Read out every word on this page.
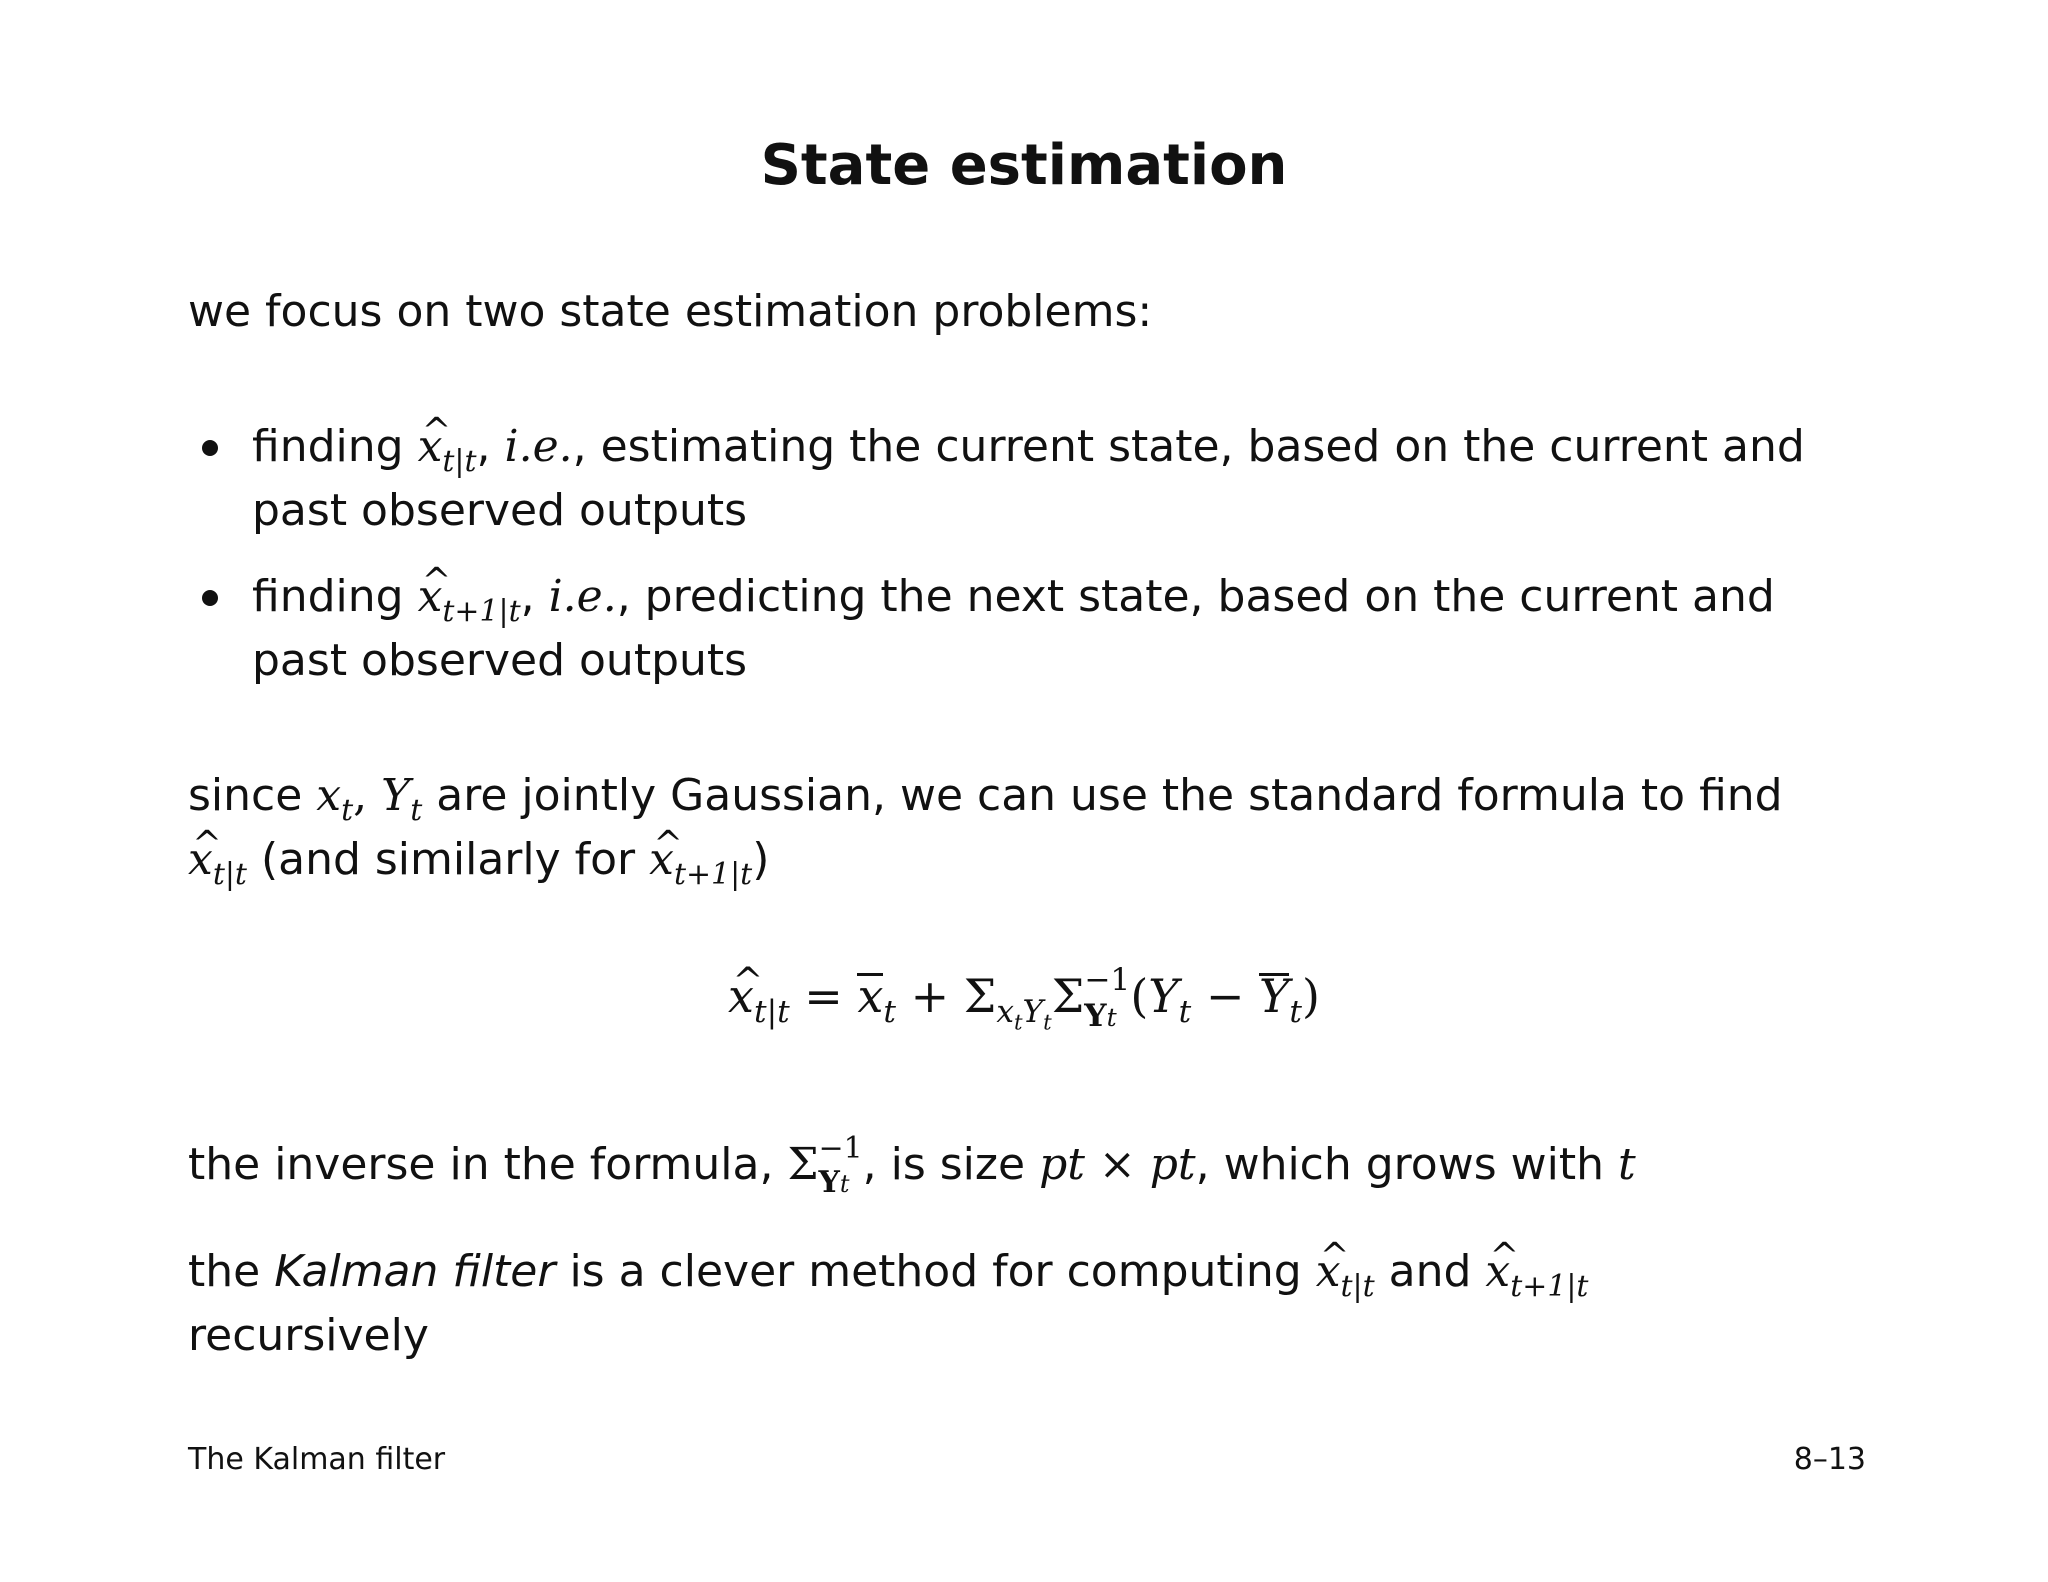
State estimation

we focus on two state estimation problems:

finding ^ $x_{t|t}$, i.e., estimating the current state, based on the current and
past observed outputs
finding ^ $x_{t+1|t}$, i.e., predicting the next state, based on the current and
past observed outputs
since $x_t$, $Y_t$ are jointly Gaussian, we can use the standard formula to find
^ $x_{t|t}$ (and similarly for ^ $x_{t+1|t}$)
^ $x_{t|t} = x_t + \Sigma_{x_tY_t}\Sigma -1$
Yt $(Y_t - Y_t)$
the inverse in the formula, Σ −1
Yt , is size pt × pt, which grows with t
the Kalman filter is a clever method for computing ^ $x_{t|t}$ and ^ $x_{t+1|t}$
recursively

The Kalman filter	8–13
